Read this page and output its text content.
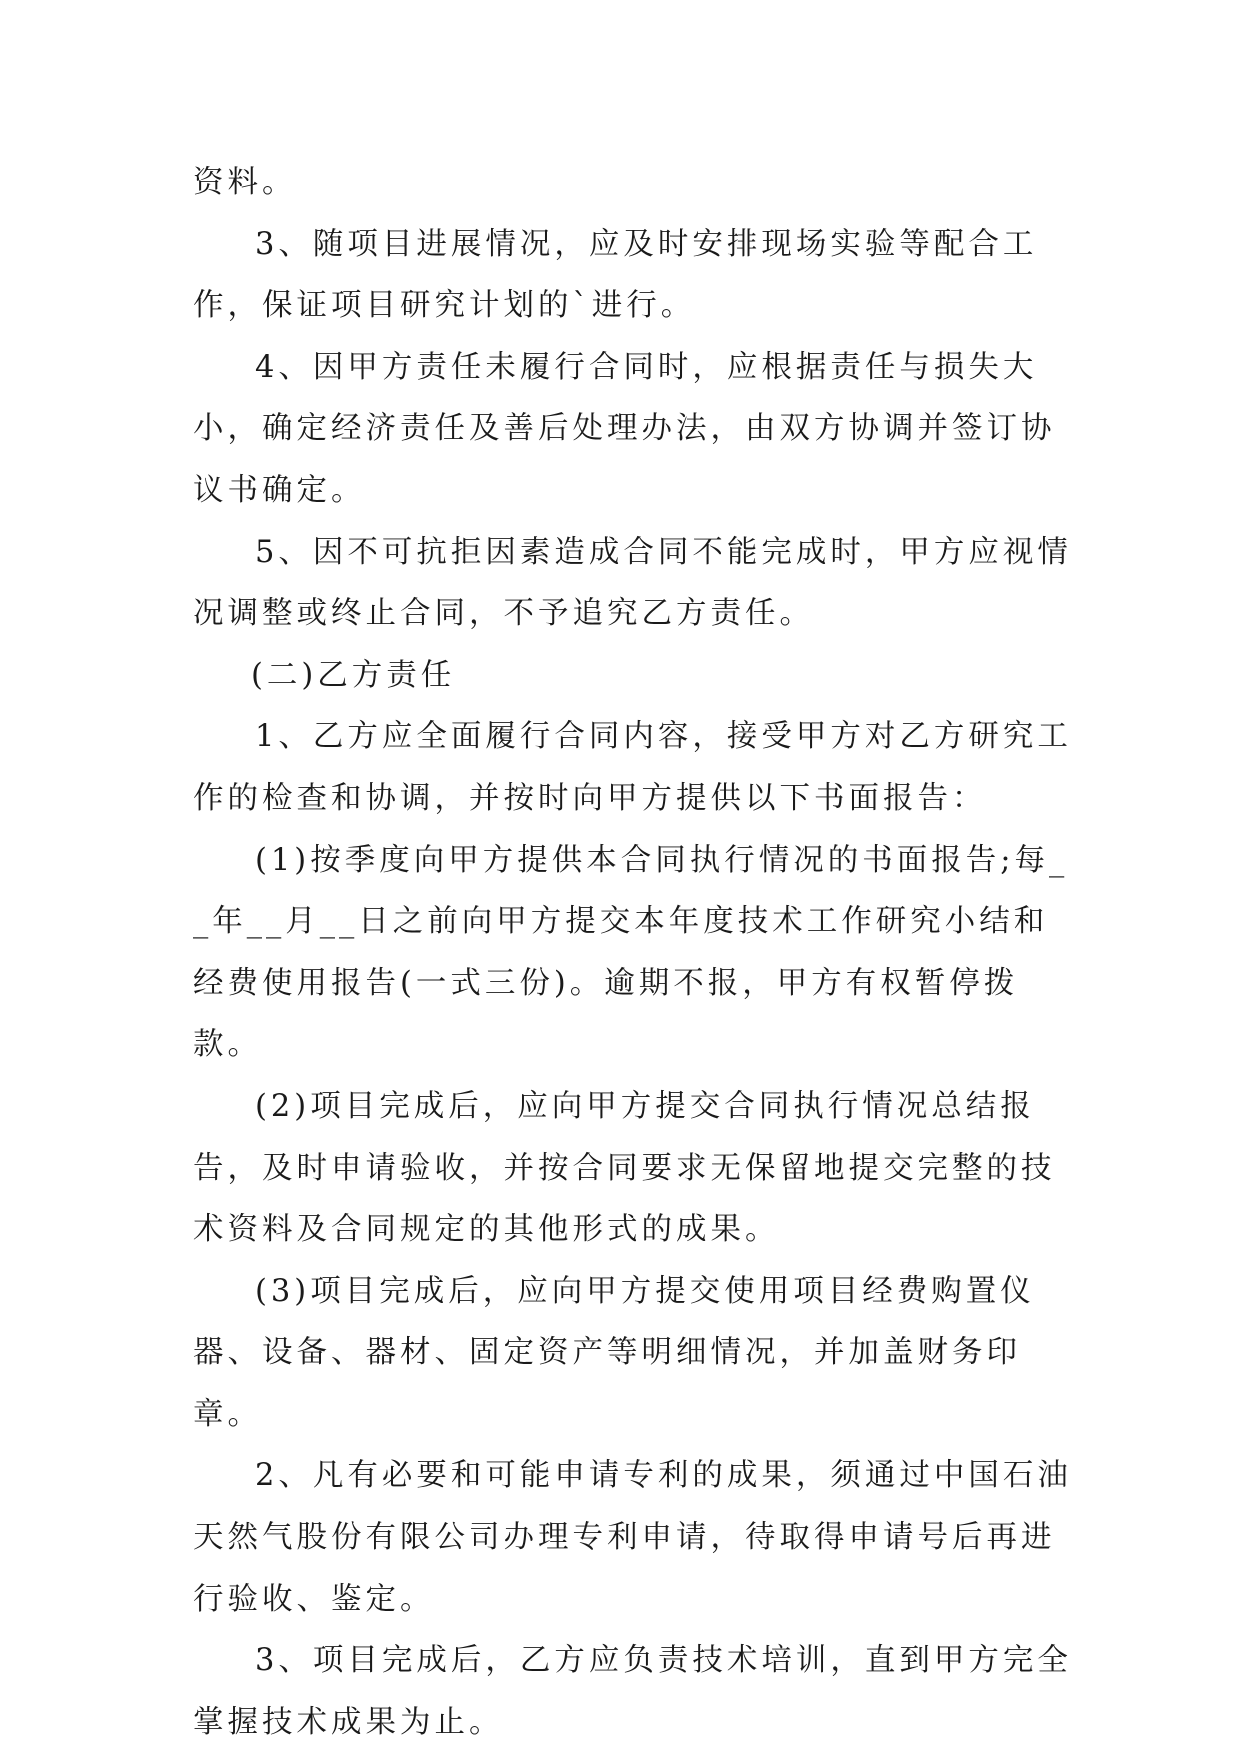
资料。

3、随项目进展情况，应及时安排现场实验等配合工作，保证项目研究计划的`进行。

4、因甲方责任未履行合同时，应根据责任与损失大小，确定经济责任及善后处理办法，由双方协调并签订协议书确定。

5、因不可抗拒因素造成合同不能完成时，甲方应视情况调整或终止合同，不予追究乙方责任。

(二)乙方责任

1、乙方应全面履行合同内容，接受甲方对乙方研究工作的检查和协调，并按时向甲方提供以下书面报告：

(1)按季度向甲方提供本合同执行情况的书面报告;每__年__月__日之前向甲方提交本年度技术工作研究小结和经费使用报告(一式三份)。逾期不报，甲方有权暂停拨款。

(2)项目完成后，应向甲方提交合同执行情况总结报告，及时申请验收，并按合同要求无保留地提交完整的技术资料及合同规定的其他形式的成果。

(3)项目完成后，应向甲方提交使用项目经费购置仪器、设备、器材、固定资产等明细情况，并加盖财务印章。

2、凡有必要和可能申请专利的成果，须通过中国石油天然气股份有限公司办理专利申请，待取得申请号后再进行验收、鉴定。

3、项目完成后，乙方应负责技术培训，直到甲方完全掌握技术成果为止。
